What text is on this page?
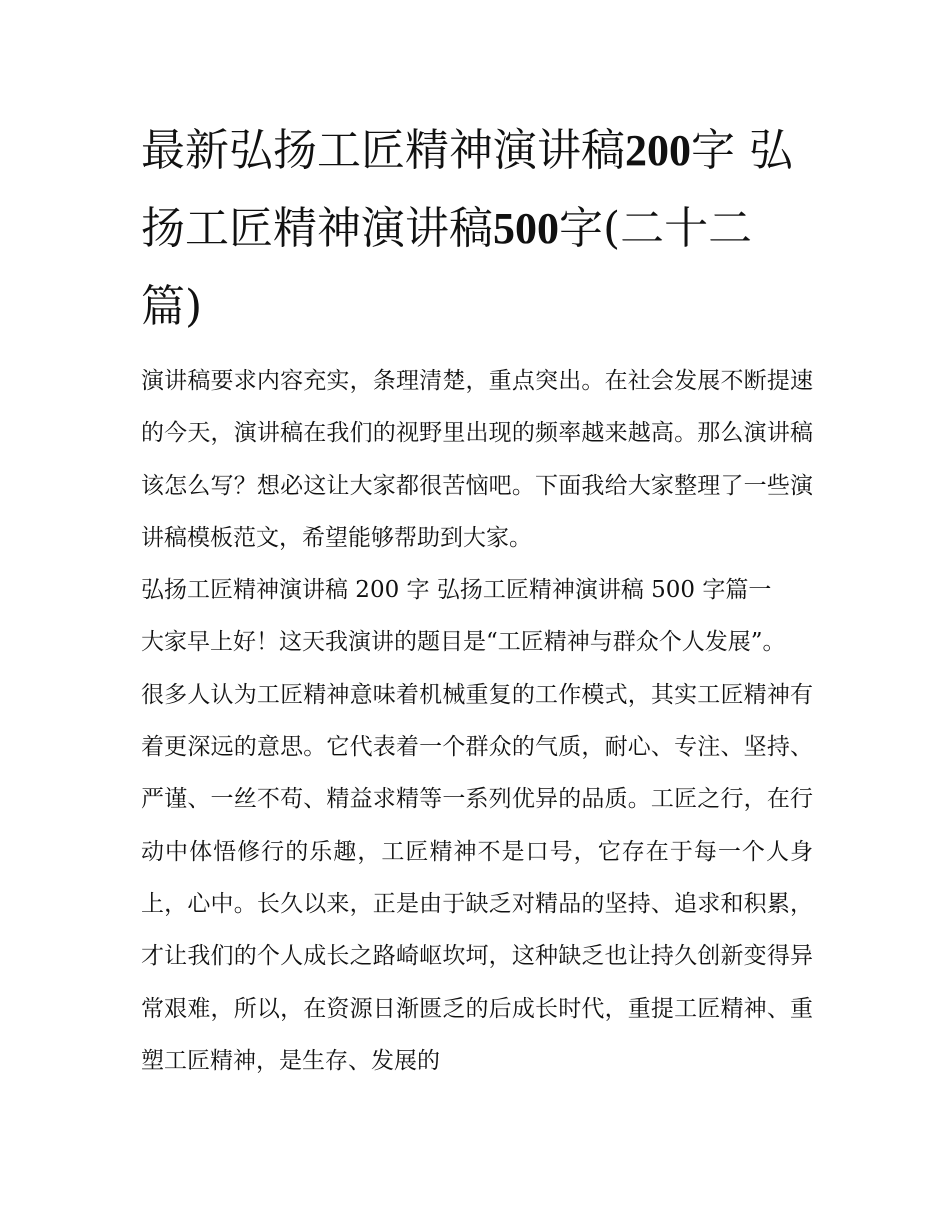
最新弘扬工匠精神演讲稿200字 弘扬工匠精神演讲稿500字(二十二篇)

演讲稿要求内容充实，条理清楚，重点突出。在社会发展不断提速的今天，演讲稿在我们的视野里出现的频率越来越高。那么演讲稿该怎么写？想必这让大家都很苦恼吧。下面我给大家整理了一些演讲稿模板范文，希望能够帮助到大家。

弘扬工匠精神演讲稿 200 字 弘扬工匠精神演讲稿 500 字篇一

大家早上好！这天我演讲的题目是“工匠精神与群众个人发展”。

很多人认为工匠精神意味着机械重复的工作模式，其实工匠精神有着更深远的意思。它代表着一个群众的气质，耐心、专注、坚持、严谨、一丝不苟、精益求精等一系列优异的品质。工匠之行，在行动中体悟修行的乐趣，工匠精神不是口号，它存在于每一个人身上，心中。长久以来，正是由于缺乏对精品的坚持、追求和积累，才让我们的个人成长之路崎岖坎坷，这种缺乏也让持久创新变得异常艰难，所以，在资源日渐匮乏的后成长时代，重提工匠精神、重塑工匠精神，是生存、发展的
